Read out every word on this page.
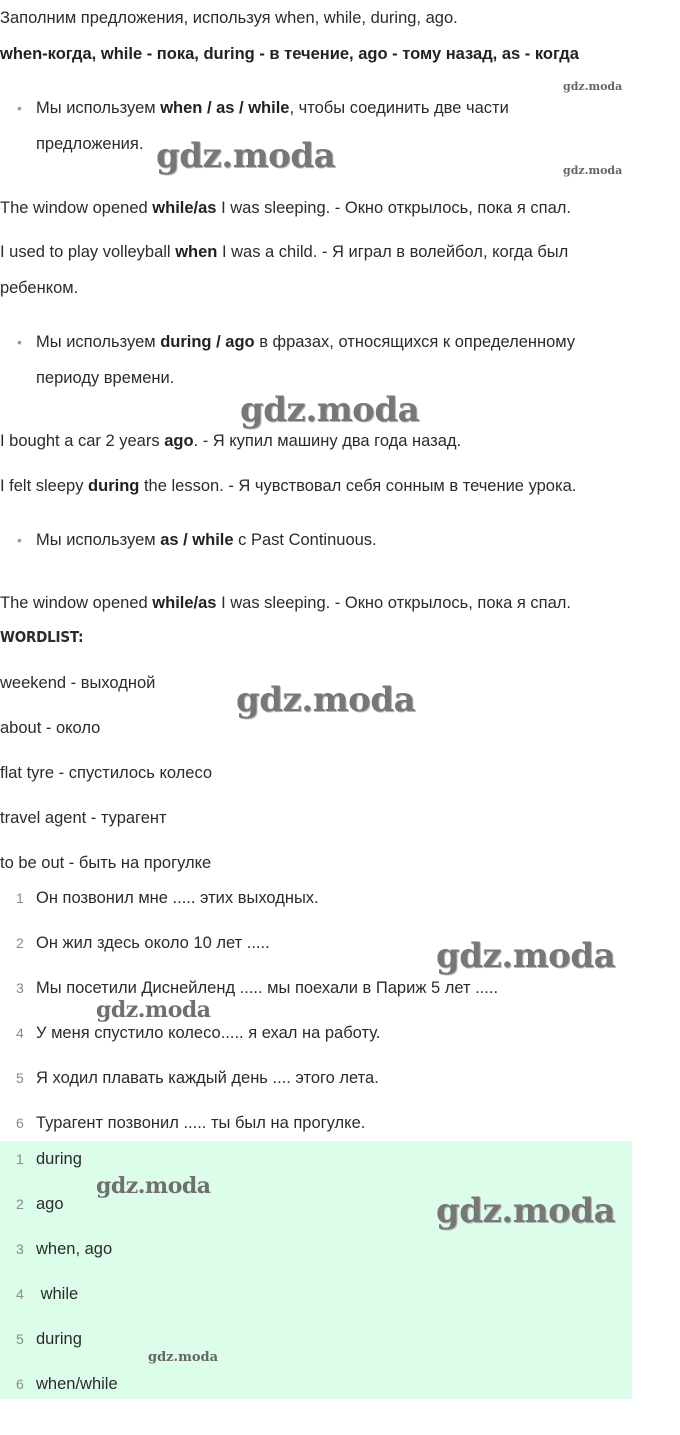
Заполним предложения, используя when, while, during, ago.
when-когда, while - пока, during - в течение, ago - тому назад, as - когда
• Мы используем when / as / while, чтобы соединить две части
предложения.
The window opened while/as I was sleeping. - Окно открылось, пока я спал.
I used to play volleyball when I was a child. - Я играл в волейбол, когда был
ребенком.
• Мы используем during / ago в фразах, относящихся к определенному
периоду времени.
I bought a car 2 years ago. - Я купил машину два года назад.
I felt sleepy during the lesson. - Я чувствовал себя сонным в течение урока.
• Мы используем as / while с Past Continuous.
The window opened while/as I was sleeping. - Окно открылось, пока я спал.
WORDLIST:
weekend - выходной
about - около
flat tyre - спустилось колесо
travel agent - турагент
to be out - быть на прогулке
1 Он позвонил мне ..... этих выходных.
2 Он жил здесь около 10 лет .....
3 Мы посетили Диснейленд ..... мы поехали в Париж 5 лет .....
4 У меня спустило колесо..... я ехал на работу.
5 Я ходил плавать каждый день .... этого лета.
6 Турагент позвонил ..... ты был на прогулке.
1 during
2 ago
3 when, ago
4 while
5 during
6 when/while
gdz.moda
gdz.moda	gdz.moda
gdz.moda
gdz.moda
gdz.moda
gdz.moda
gdz.moda
gdz.moda
gdz.moda
